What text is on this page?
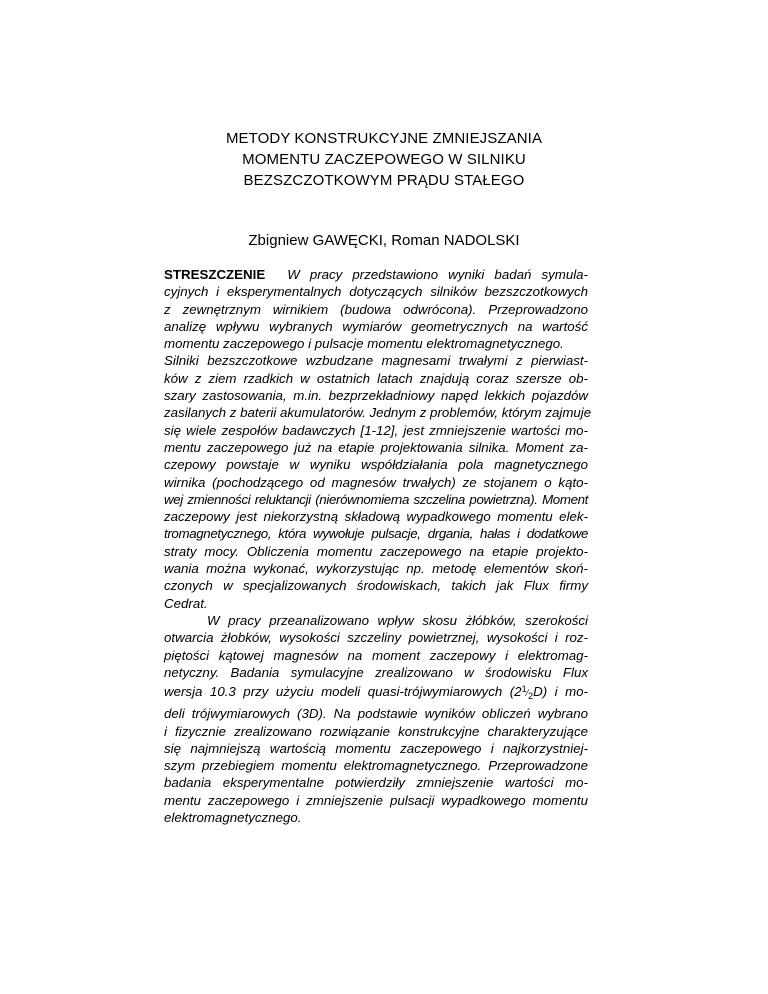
METODY KONSTRUKCYJNE ZMNIEJSZANIA
MOMENTU ZACZEPOWEGO W SILNIKU
BEZSZCZOTKOWYM PRĄDU STAŁEGO
Zbigniew GAWĘCKI, Roman NADOLSKI
STRESZCZENIE W pracy przedstawiono wyniki badań symula-
cyjnych i eksperymentalnych dotyczących silników bezszczotkowych
z zewnętrznym wirnikiem (budowa odwrócona). Przeprowadzono
analizę wpływu wybranych wymiarów geometrycznych na wartość
momentu zaczepowego i pulsacje momentu elektromagnetycznego.
Silniki bezszczotkowe wzbudzane magnesami trwałymi z pierwiast-
ków z ziem rzadkich w ostatnich latach znajdują coraz szersze ob-
szary zastosowania, m.in. bezprzekładniowy napęd lekkich pojazdów
zasilanych z baterii akumulatorów. Jednym z problemów, którym zajmuje
się wiele zespołów badawczych [1-12], jest zmniejszenie wartości mo-
mentu zaczepowego już na etapie projektowania silnika. Moment za-
czepowy powstaje w wyniku współdziałania pola magnetycznego
wirnika (pochodzącego od magnesów trwałych) ze stojanem o kąto-
wej zmienności reluktancji (nierównomierna szczelina powietrzna). Moment
zaczepowy jest niekorzystną składową wypadkowego momentu elek-
tromagnetycznego, która wywołuje pulsacje, drgania, hałas i dodatkowe
straty mocy. Obliczenia momentu zaczepowego na etapie projekto-
wania można wykonać, wykorzystując np. metodę elementów skoń-
czonych w specjalizowanych środowiskach, takich jak Flux firmy
Cedrat.
W pracy przeanalizowano wpływ skosu żłóbków, szerokości
otwarcia żłobków, wysokości szczeliny powietrznej, wysokości i roz-
piętości kątowej magnesów na moment zaczepowy i elektromag-
netyczny. Badania symulacyjne zrealizowano w środowisku Flux
wersja 10.3 przy użyciu modeli quasi-trójwymiarowych $(2^1⁄_2D)$ i mo-
deli trójwymiarowych (3D). Na podstawie wyników obliczeń wybrano
i fizycznie zrealizowano rozwiązanie konstrukcyjne charakteryzujące
się najmniejszą wartością momentu zaczepowego i najkorzystniej-
szym przebiegiem momentu elektromagnetycznego. Przeprowadzone
badania eksperymentalne potwierdziły zmniejszenie wartości mo-
mentu zaczepowego i zmniejszenie pulsacji wypadkowego momentu
elektromagnetycznego.
